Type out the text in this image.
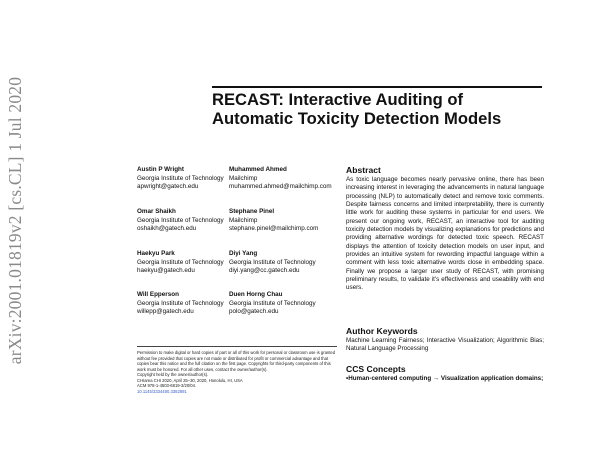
arXiv:2001.01819v2 [cs.CL] 1 Jul 2020	RECAST: Interactive Auditing of Automatic Toxicity Detection Models
Austin P Wright
Georgia Institute of Technology
apwright@gatech.edu
Muhammed Ahmed
Mailchimp
muhammed.ahmed@mailchimp.com
Omar Shaikh
Georgia Institute of Technology
oshaikh@gatech.edu
Stephane Pinel
Mailchimp
stephane.pinel@mailchimp.com
Haekyu Park
Georgia Institute of Technology
haekyu@gatech.edu
Diyi Yang
Georgia Institute of Technology
diyi.yang@cc.gatech.edu
Will Epperson
Georgia Institute of Technology
willepp@gatech.edu
Duen Horng Chau
Georgia Institute of Technology
polo@gatech.edu

Permission to make digital or hard copies of part or all of this work for personal or classroom use is granted without fee provided that copies are not made or distributed for profit or commercial advantage and that copies bear this notice and the full citation on the first page. Copyrights for third-party components of this work must be honored. For all other uses, contact the owner/author(s).

Copyright held by the owner/author(s).

CHIarea CHI 2020, April 25–30, 2020, Honolulu, HI, USA

ACM 978-1-4503-6819-3/20/04.

10.1145/3334480.3382891

Abstract

As toxic language becomes nearly pervasive online, there has been increasing interest in leveraging the advancements in natural language processing (NLP) to automatically detect and remove toxic comments. Despite fairness concerns and limited interpretability, there is currently little work for auditing these systems in particular for end users. We present our ongoing work, RECAST, an interactive tool for auditing toxicity detection models by visualizing explanations for predictions and providing alternative wordings for detected toxic speech. RECAST displays the attention of toxicity detection models on user input, and provides an intuitive system for rewording impactful language within a comment with less toxic alternative words close in embedding space. Finally we propose a larger user study of RECAST, with promising preliminary results, to validate it's effectiveness and useability with end users.

Author Keywords

Machine Learning Fairness; Interactive Visualization; Algorithmic Bias; Natural Language Processing

CCS Concepts

•Human-centered computing → Visualization application domains;
